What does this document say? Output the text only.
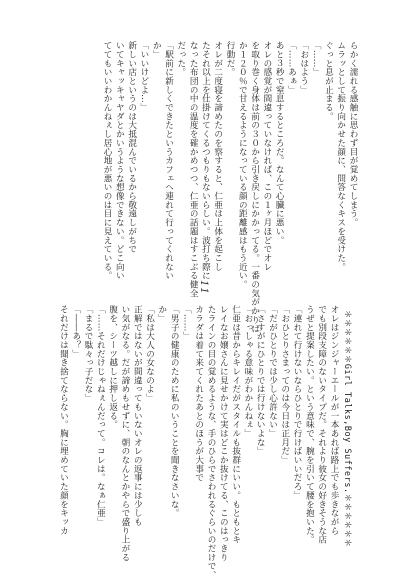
らかく濡れる感触に思わず目が覚めてしまう。
ムラッとして振り向かせた顔に、問答なくキスを受けた。
ぐっと息が止まる。
「……」
「おはよう」
「……あぁ」
あと３秒で窒息するところだ。なんて心臓に悪い。
オレの感覚が間違っていなければ、この１ヶ月ほどでオレ
を取り巻く身体は前の３０から引き戻しにかかってる。一番の気がかりは
か１２０％で甘えるようになっている顔の距離感はもう近い。
行動だ。
オレが二度寝を諦めたのを察すると、仁亜は上体を起こし
たそれ以上を仕掛けてくるつもりもないらしい。波打ち際に
なった布団の中の温度を確かめつつ、仁亜の話題はすこぶる健全
だった。
「駅前に新しくできたというカフェへ連れて行ってくれない
か」
「いいけどよ…」
新しい店というのは大抵混んでいるから敬遠しがちで
いてキャッキャヤダとかいうような想像できない。どこ向い
ててもいいわかんねぇし居心地が悪いのは目に見えている。
11
＊＊＊＊＊＊Girl Talks,Boy Suffers.＊＊＊＊＊＊
オレはジンジャーエールが一本あれば路上でも歩きながら
でも別段支障のないタイプだ。それより彼女の好きそうな店
うぜと提案したい。という意味で、腕を引いて腰を抱いた。
「連れて行けないならひとりで行けばいいだろ」
「おひとりさまってのは今日は正月だ」
「だがひとりでは少し心許ない」
「さすがにひとりでは行けないよな」
「おっしゃる意味がわかんねぇ」
仁亜は昔からキレイだがスタイルも抜群にいい。もともとキ
レイなお嬢さんに見せかけて実はどこか抜けてる、このはっきり
たラインの目の覚めるような、手のひらでさわれるぐらいのだけで、
カラダは着て来てくれたあとのほうが大事で
「……」
「男子の健康のために私のいうことを聞きなさいな。
か」
「私は大人の女なのよ」
正解ではないが間違ってもいないオレの返事には少しも
い気がなる。だが諦めもせずに、朝のなんとかやらで盛り上がる
腹を、シーツ越しに押し返る。
「……それだけじゃねぇんだって。コレは。なぁ仁亜」
「まるで駄々っ子だな」
「――あ？」
それだけは聞き捨てならない。胸に埋めていた顔をキッカ
